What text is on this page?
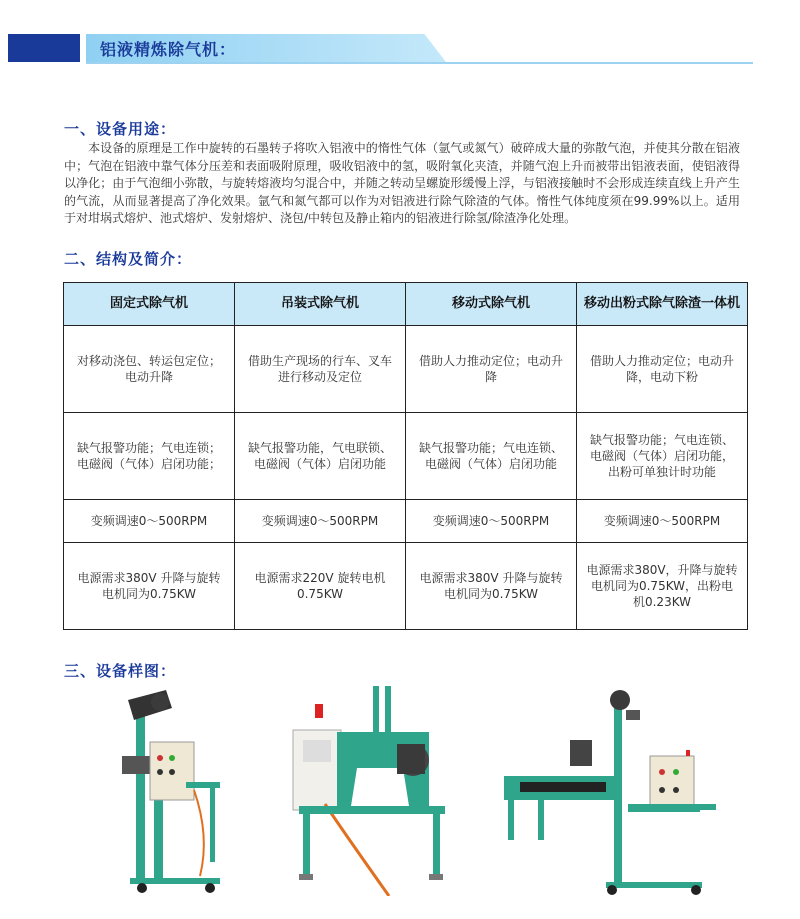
铝液精炼除气机：
一、设备用途：
本设备的原理是工作中旋转的石墨转子将吹入铝液中的惰性气体（氩气或氮气）破碎成大量的弥散气泡，并使其分散在铝液中；气泡在铝液中靠气体分压差和表面吸附原理，吸收铝液中的氢，吸附氧化夹渣，并随气泡上升而被带出铝液表面，使铝液得以净化；由于气泡细小弥散，与旋转熔液均匀混合中，并随之转动呈螺旋形缓慢上浮，与铝液接触时不会形成连续直线上升产生的气流，从而显著提高了净化效果。氩气和氮气都可以作为对铝液进行除气除渣的气体。惰性气体纯度须在99.99%以上。适用于对坩埚式熔炉、池式熔炉、发射熔炉、浇包/中转包及静止箱内的铝液进行除氢/除渣净化处理。
二、结构及简介：
固定式除气机	吊装式除气机	移动式除气机	移动出粉式除气除渣一体机
对移动浇包、转运包定位；电动升降	借助生产现场的行车、叉车进行移动及定位	借助人力推动定位；电动升降	借助人力推动定位；电动升降，电动下粉
缺气报警功能；气电连锁；电磁阀（气体）启闭功能；	缺气报警功能，气电联锁、电磁阀（气体）启闭功能	缺气报警功能；气电连锁、电磁阀（气体）启闭功能	缺气报警功能；气电连锁、电磁阀（气体）启闭功能，出粉可单独计时功能
变频调速0～500RPM	变频调速0～500RPM	变频调速0～500RPM	变频调速0～500RPM
电源需求380V 升降与旋转电机同为0.75KW	电源需求220V 旋转电机0.75KW	电源需求380V 升降与旋转电机同为0.75KW	电源需求380V，升降与旋转电机同为0.75KW，出粉电机0.23KW
三、设备样图：
